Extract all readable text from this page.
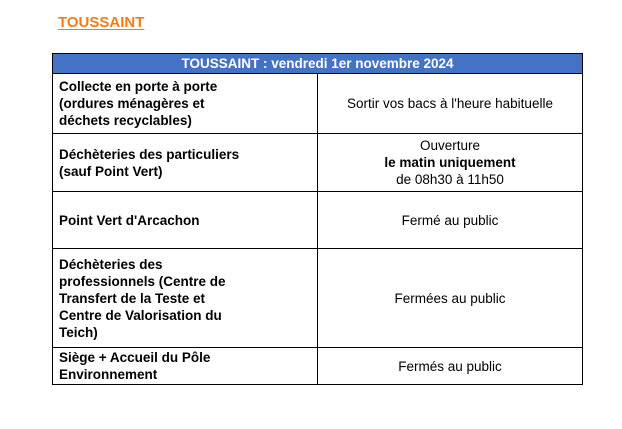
TOUSSAINT
TOUSSAINT : vendredi 1er novembre 2024	

Collecte en porte à porte
(ordures ménagères et
déchets recyclables)	Sortir vos bacs à l'heure habituelle

Déchèteries des particuliers
(sauf Point Vert)	Ouverture
le matin uniquement
de 08h30 à 11h50

Point Vert d'Arcachon	Fermé au public

Déchèteries des
professionnels (Centre de
Transfert de la Teste et
Centre de Valorisation du
Teich)	Fermées au public

Siège + Accueil du Pôle
Environnement	Fermés au public
